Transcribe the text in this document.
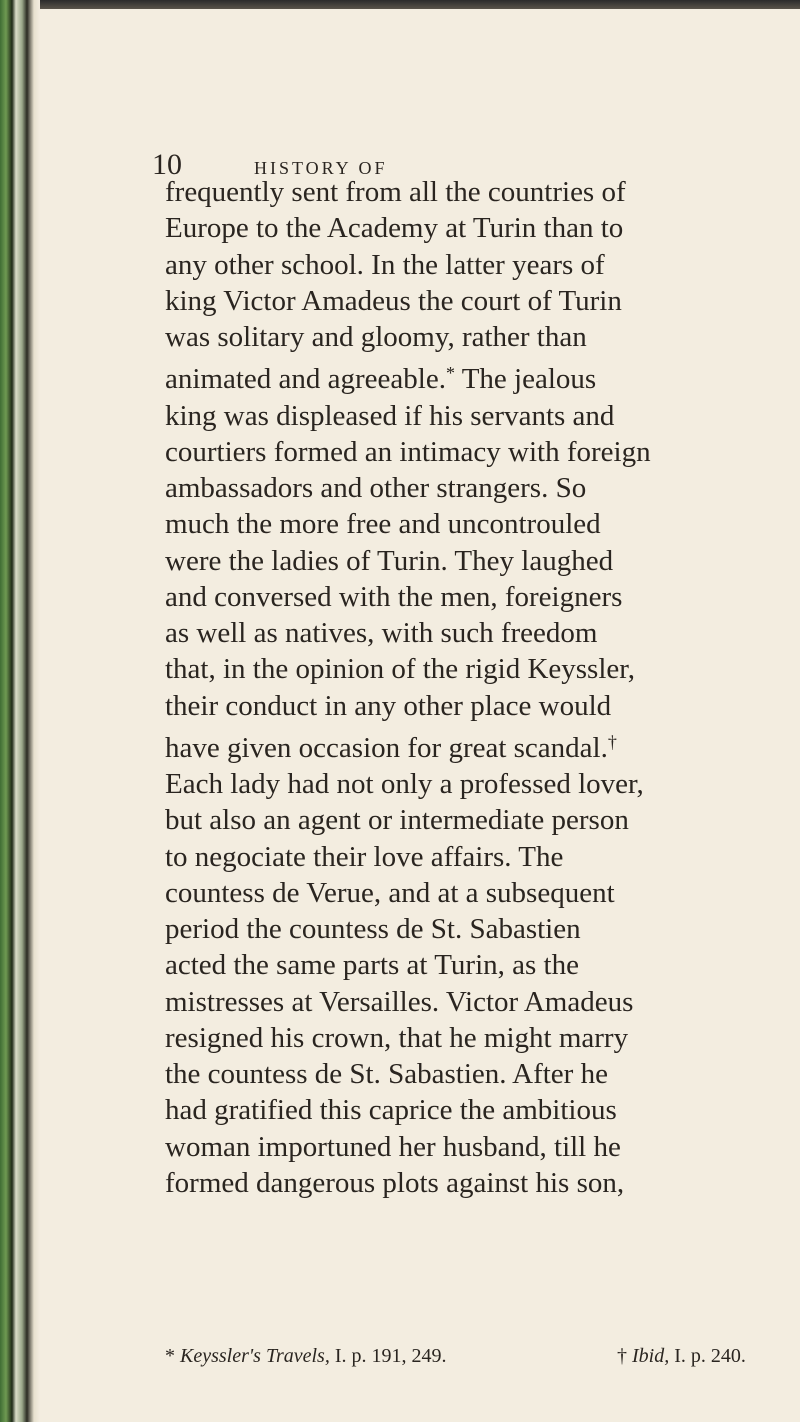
10	HISTORY OF
frequently sent from all the countries of
Europe to the Academy at Turin than to
any other school. In the latter years of
king Victor Amadeus the court of Turin
was solitary and gloomy, rather than
animated and agreeable.* The jealous
king was displeased if his servants and
courtiers formed an intimacy with foreign
ambassadors and other strangers. So
much the more free and uncontrouled
were the ladies of Turin. They laughed
and conversed with the men, foreigners
as well as natives, with such freedom
that, in the opinion of the rigid Keyssler,
their conduct in any other place would
have given occasion for great scandal.†
Each lady had not only a professed lover,
but also an agent or intermediate person
to negociate their love affairs. The
countess de Verue, and at a subsequent
period the countess de St. Sabastien
acted the same parts at Turin, as the
mistresses at Versailles. Victor Amadeus
resigned his crown, that he might marry
the countess de St. Sabastien. After he
had gratified this caprice the ambitious
woman importuned her husband, till he
formed dangerous plots against his son,
* Keyssler's Travels, I. p. 191, 249.	† Ibid, I. p. 240.
